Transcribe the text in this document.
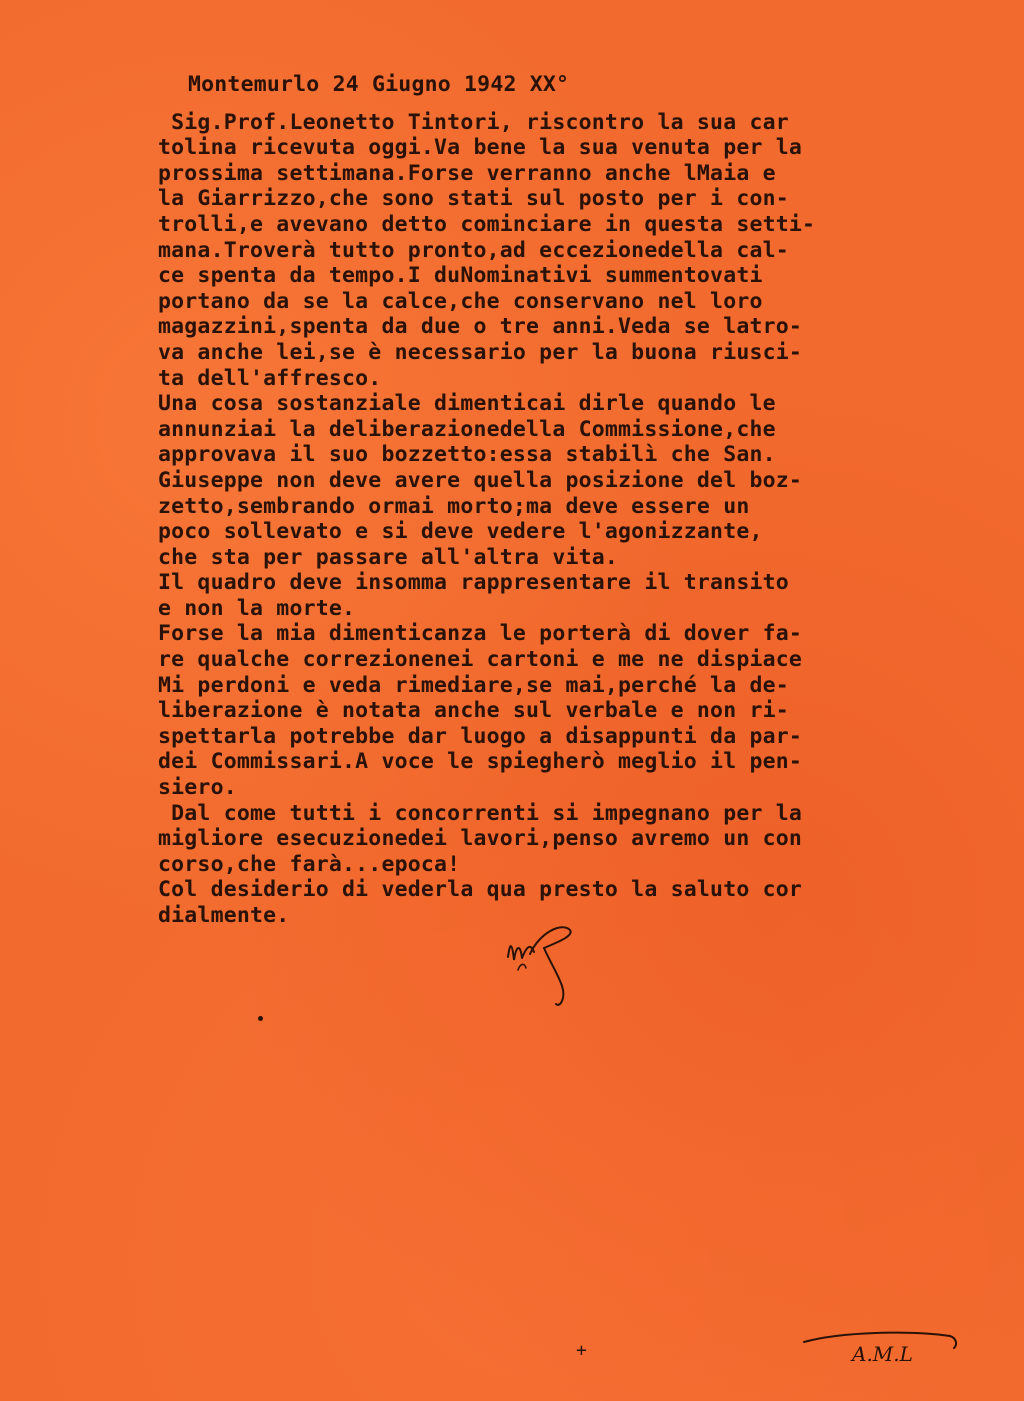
Montemurlo 24 Giugno 1942 XX°
Sig.Prof.Leonetto Tintori, riscontro la sua car
tolina ricevuta oggi.Va bene la sua venuta per la
prossima settimana.Forse verranno anche lMaia e
la Giarrizzo,che sono stati sul posto per i con-
trolli,e avevano detto cominciare in questa setti-
mana.Troverà tutto pronto,ad eccezionedella cal-
ce spenta da tempo.I duNominativi summentovati
portano da se la calce,che conservano nel loro
magazzini,spenta da due o tre anni.Veda se latro-
va anche lei,se è necessario per la buona riusci-
ta dell'affresco.
Una cosa sostanziale dimenticai dirle quando le
annunziai la deliberazionedella Commissione,che
approvava il suo bozzetto:essa stabilì che San.
Giuseppe non deve avere quella posizione del boz-
zetto,sembrando ormai morto;ma deve essere un
poco sollevato e si deve vedere l'agonizzante,
che sta per passare all'altra vita.
Il quadro deve insomma rappresentare il transito
e non la morte.
Forse la mia dimenticanza le porterà di dover fa-
re qualche correzionenei cartoni e me ne dispiace
Mi perdoni e veda rimediare,se mai,perché la de-
liberazione è notata anche sul verbale e non ri-
spettarla potrebbe dar luogo a disappunti da par-
dei Commissari.A voce le spiegherò meglio il pen-
siero.
Dal come tutti i concorrenti si impegnano per la
migliore esecuzionedei lavori,penso avremo un con
corso,che farà...epoca!
Col desiderio di vederla qua presto la saluto cor
dialmente.
+	A.M.L
